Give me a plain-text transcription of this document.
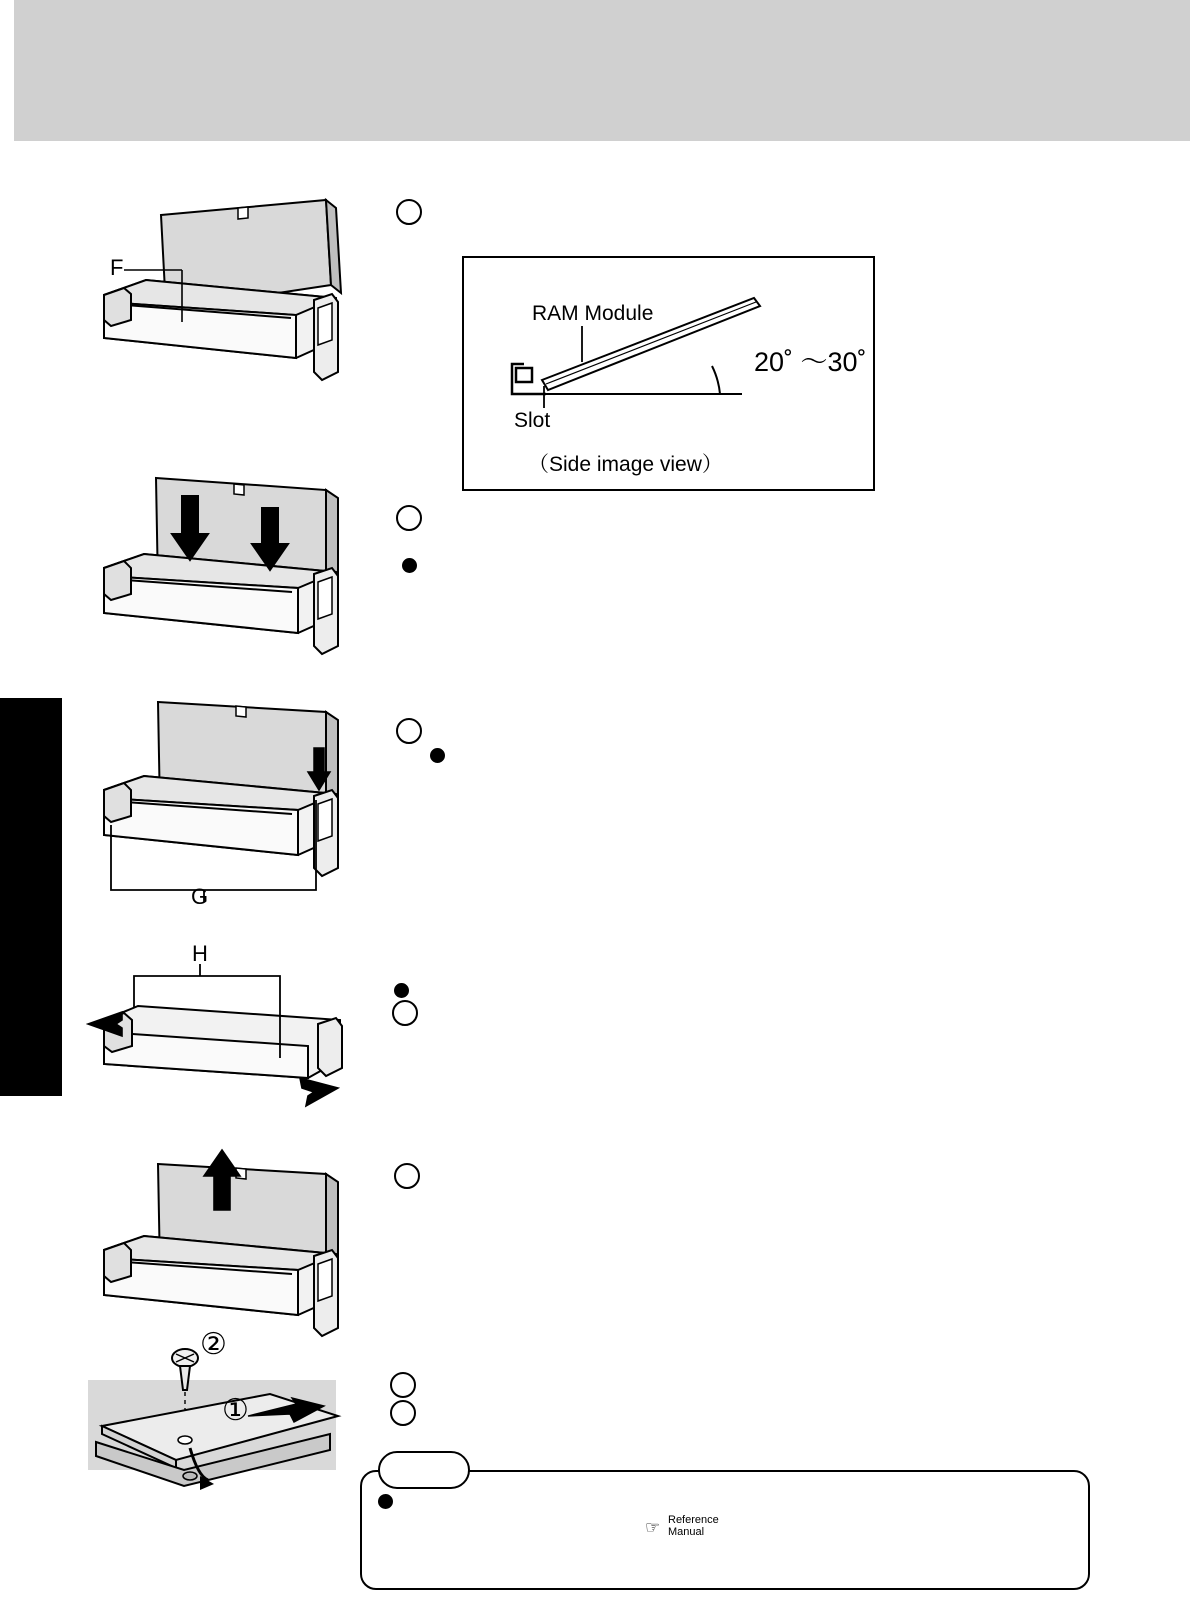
F
RAM Module
Slot
20˚ ～30˚
（Side image view）
G
H
②
①
☞ Reference
Manual
